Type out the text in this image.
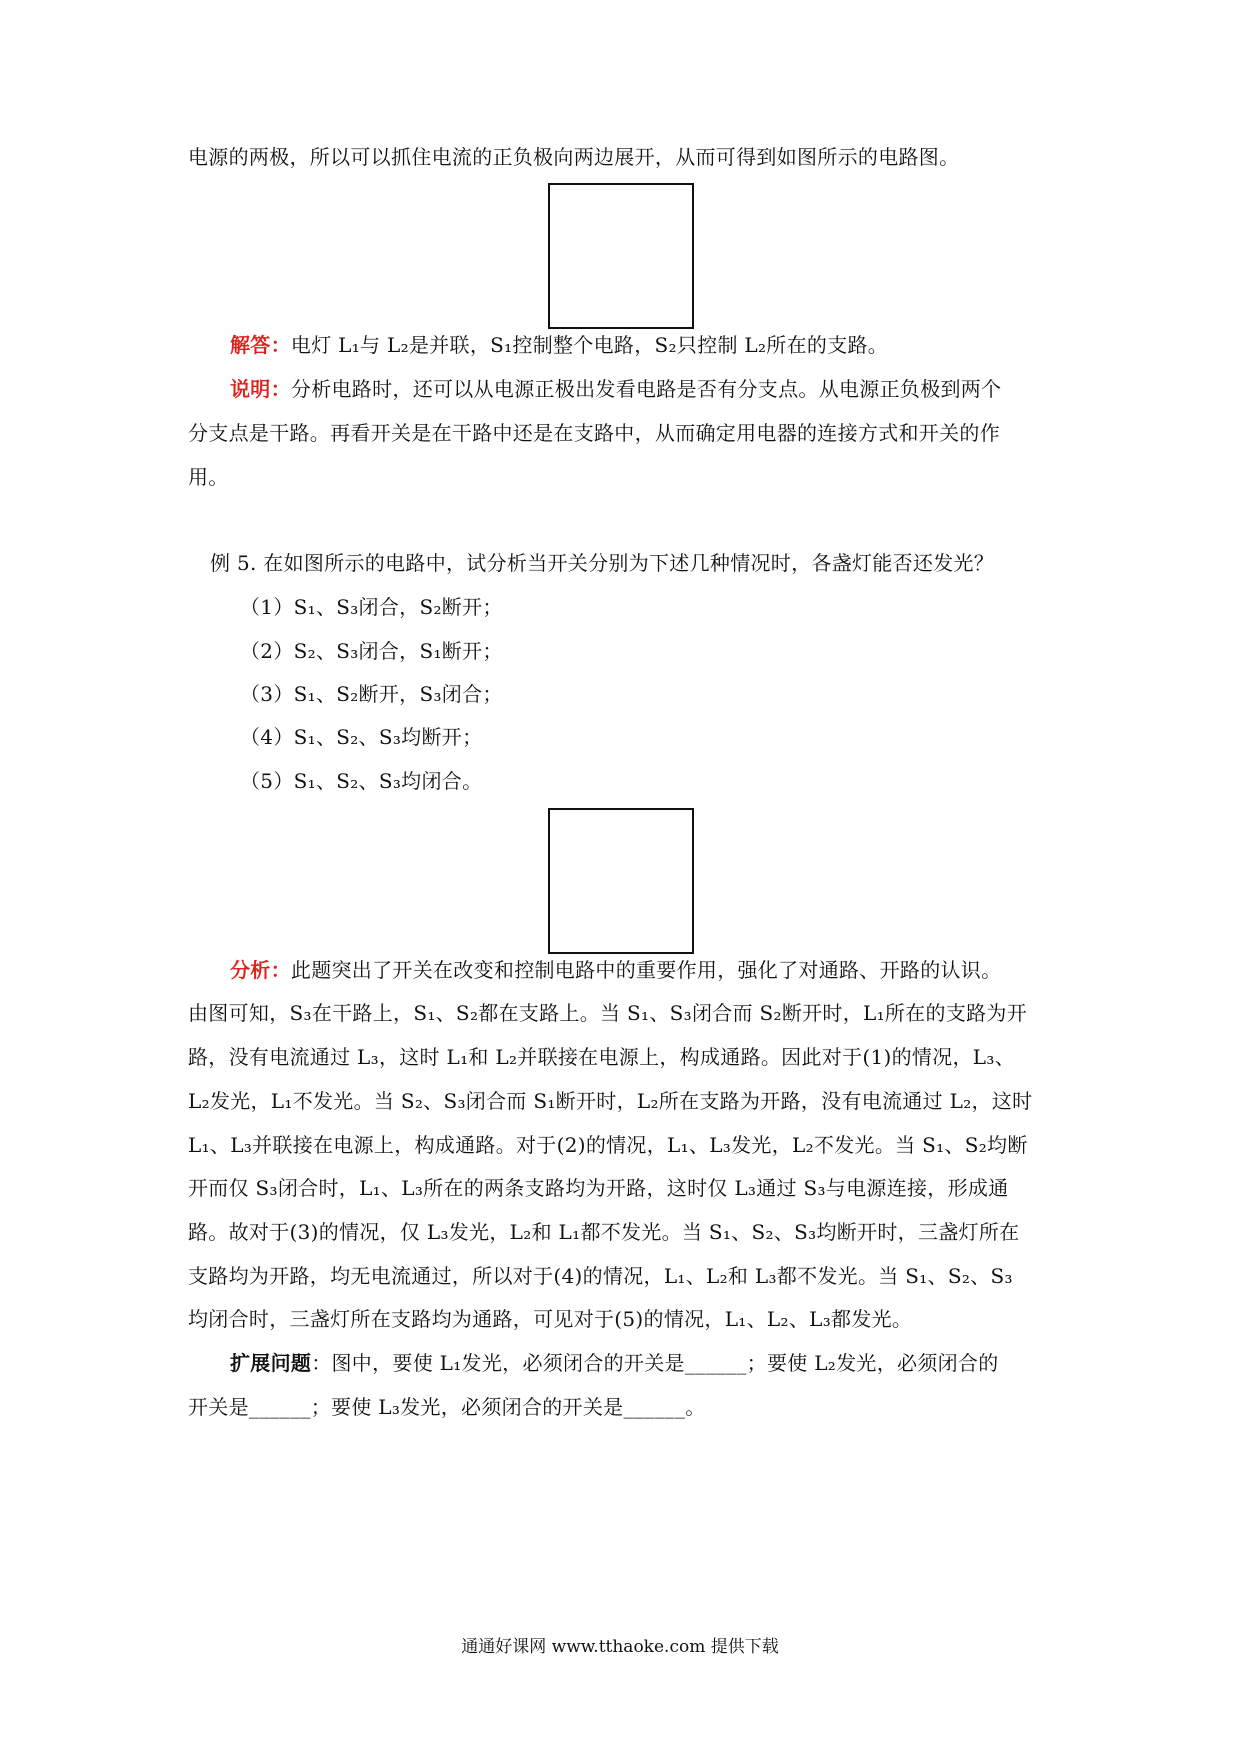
电源的两极，所以可以抓住电流的正负极向两边展开，从而可得到如图所示的电路图。
解答：电灯 L₁与 L₂是并联，S₁控制整个电路，S₂只控制 L₂所在的支路。
说明：分析电路时，还可以从电源正极出发看电路是否有分支点。从电源正负极到两个
分支点是干路。再看开关是在干路中还是在支路中，从而确定用电器的连接方式和开关的作
用。
例 5. 在如图所示的电路中，试分析当开关分别为下述几种情况时，各盏灯能否还发光？
（1）S₁、S₃闭合，S₂断开；
（2）S₂、S₃闭合，S₁断开；
（3）S₁、S₂断开，S₃闭合；
（4）S₁、S₂、S₃均断开；
（5）S₁、S₂、S₃均闭合。
分析：此题突出了开关在改变和控制电路中的重要作用，强化了对通路、开路的认识。
由图可知，S₃在干路上，S₁、S₂都在支路上。当 S₁、S₃闭合而 S₂断开时，L₁所在的支路为开
路，没有电流通过 L₃，这时 L₁和 L₂并联接在电源上，构成通路。因此对于(1)的情况，L₃、
L₂发光，L₁不发光。当 S₂、S₃闭合而 S₁断开时，L₂所在支路为开路，没有电流通过 L₂，这时
L₁、L₃并联接在电源上，构成通路。对于(2)的情况，L₁、L₃发光，L₂不发光。当 S₁、S₂均断
开而仅 S₃闭合时，L₁、L₃所在的两条支路均为开路，这时仅 L₃通过 S₃与电源连接，形成通
路。故对于(3)的情况，仅 L₃发光，L₂和 L₁都不发光。当 S₁、S₂、S₃均断开时，三盏灯所在
支路均为开路，均无电流通过，所以对于(4)的情况，L₁、L₂和 L₃都不发光。当 S₁、S₂、S₃
均闭合时，三盏灯所在支路均为通路，可见对于(5)的情况，L₁、L₂、L₃都发光。
扩展问题：图中，要使 L₁发光，必须闭合的开关是______；要使 L₂发光，必须闭合的
开关是______；要使 L₃发光，必须闭合的开关是______。
通通好课网 www.tthaoke.com 提供下载
